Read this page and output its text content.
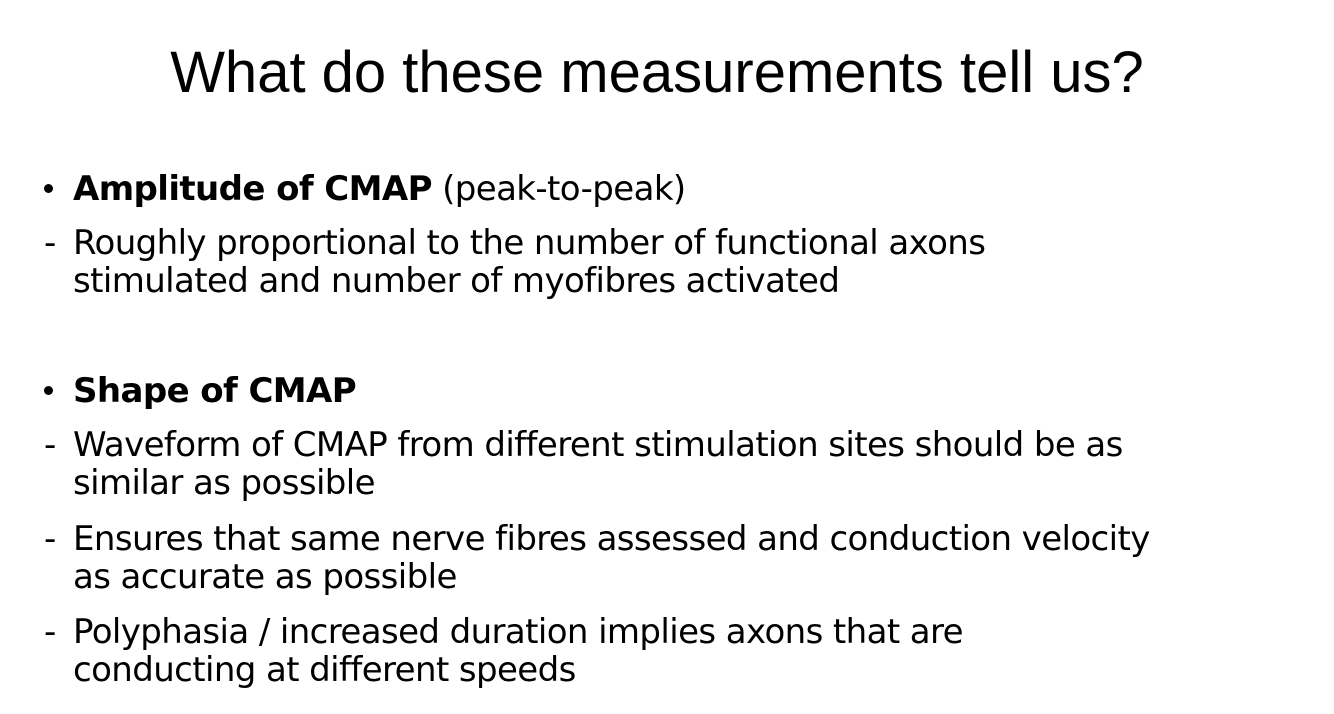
What do these measurements tell us?
Amplitude of CMAP (peak-to-peak)
- Roughly proportional to the number of functional axons
stimulated and number of myofibres activated
Shape of CMAP
- Waveform of CMAP from different stimulation sites should be as
similar as possible
- Ensures that same nerve fibres assessed and conduction velocity
as accurate as possible
- Polyphasia / increased duration implies axons that are
conducting at different speeds
